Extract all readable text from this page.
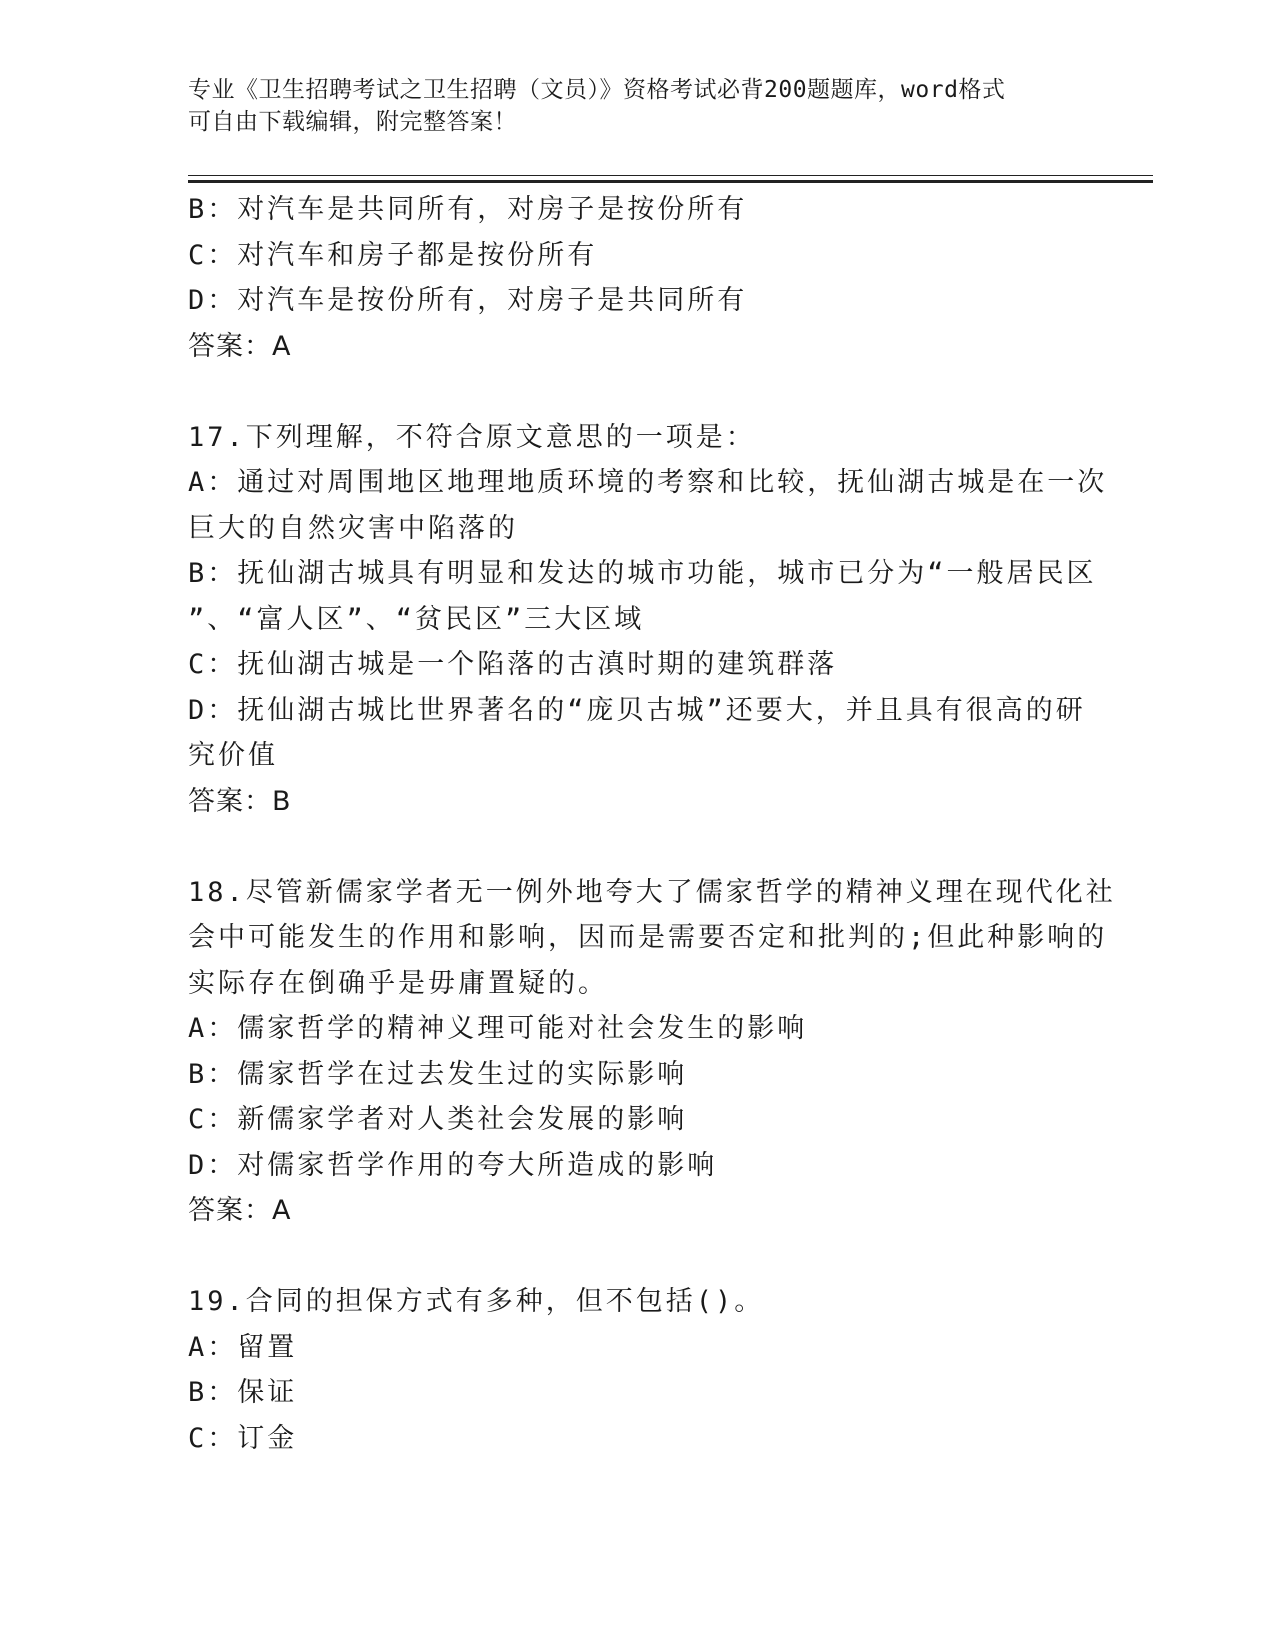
专业《卫生招聘考试之卫生招聘（文员）》资格考试必背200题题库，word格式
可自由下载编辑，附完整答案！
B：对汽车是共同所有，对房子是按份所有
C：对汽车和房子都是按份所有
D：对汽车是按份所有，对房子是共同所有
答案：A
17.下列理解，不符合原文意思的一项是：
A：通过对周围地区地理地质环境的考察和比较，抚仙湖古城是在一次
巨大的自然灾害中陷落的
B：抚仙湖古城具有明显和发达的城市功能，城市已分为“一般居民区
”、“富人区”、“贫民区”三大区域
C：抚仙湖古城是一个陷落的古滇时期的建筑群落
D：抚仙湖古城比世界著名的“庞贝古城”还要大，并且具有很高的研
究价值
答案：B
18.尽管新儒家学者无一例外地夸大了儒家哲学的精神义理在现代化社
会中可能发生的作用和影响，因而是需要否定和批判的;但此种影响的
实际存在倒确乎是毋庸置疑的。
A：儒家哲学的精神义理可能对社会发生的影响
B：儒家哲学在过去发生过的实际影响
C：新儒家学者对人类社会发展的影响
D：对儒家哲学作用的夸大所造成的影响
答案：A
19.合同的担保方式有多种，但不包括()。
A：留置
B：保证
C：订金
